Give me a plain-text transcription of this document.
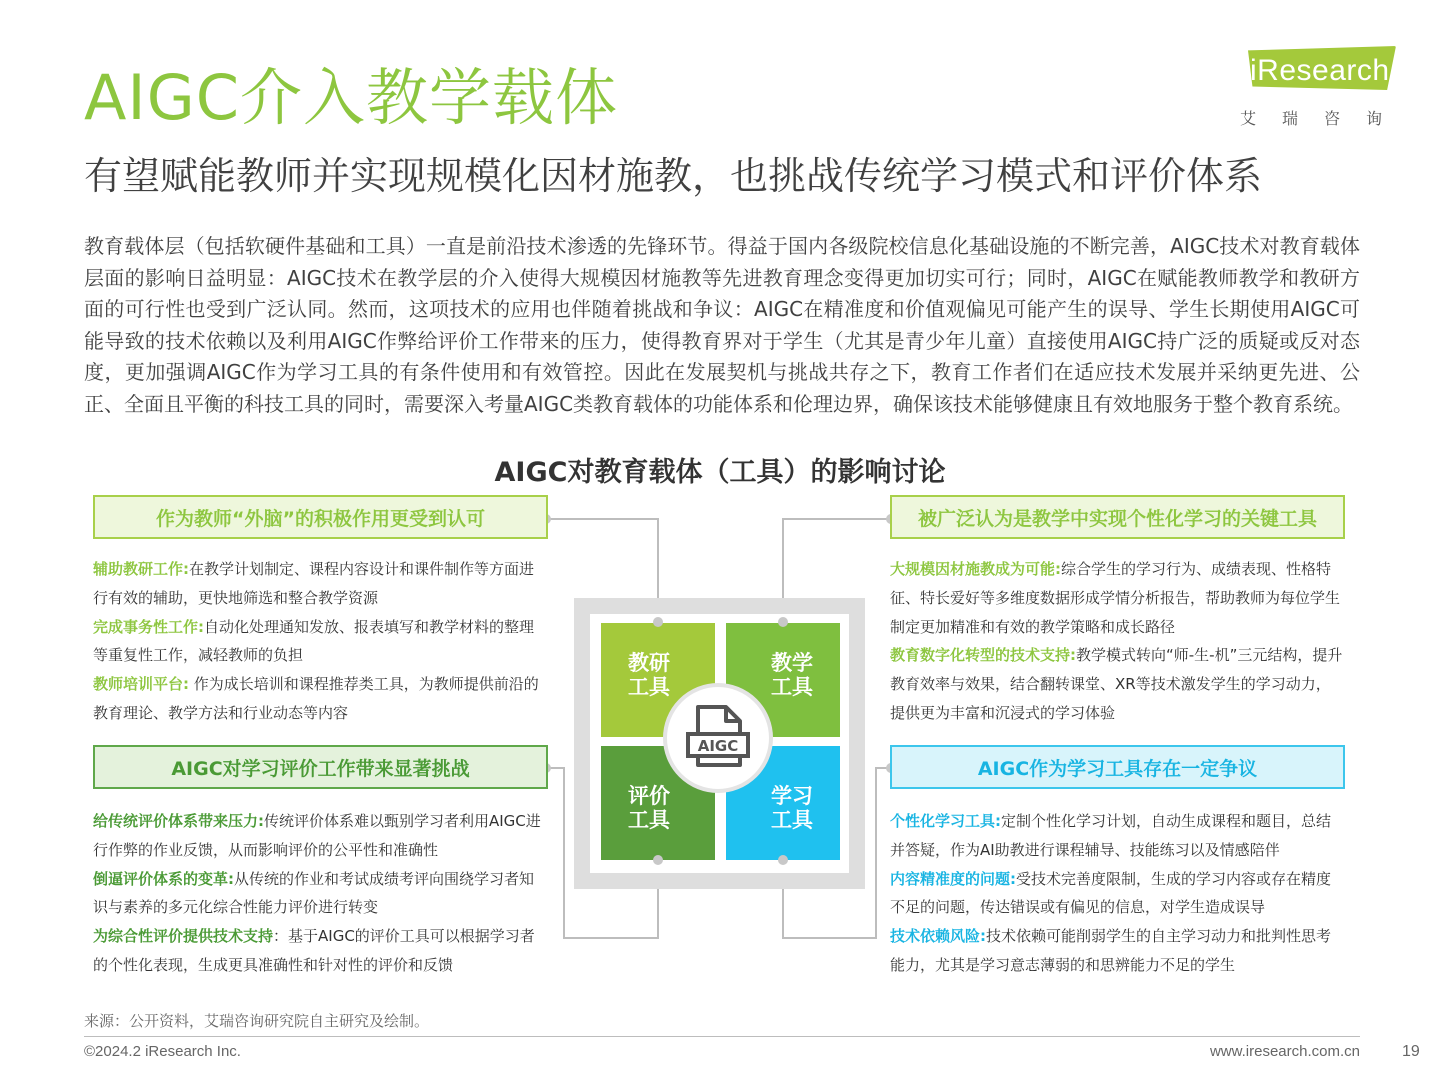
AIGC介入教学载体	iResearch
艾瑞咨询
有望赋能教师并实现规模化因材施教，也挑战传统学习模式和评价体系

教育载体层（包括软硬件基础和工具）一直是前沿技术渗透的先锋环节。得益于国内各级院校信息化基础设施的不断完善，AIGC技术对教育载体层面的影响日益明显：AIGC技术在教学层的介入使得大规模因材施教等先进教育理念变得更加切实可行；同时，AIGC在赋能教师教学和教研方面的可行性也受到广泛认同。然而，这项技术的应用也伴随着挑战和争议：AIGC在精准度和价值观偏见可能产生的误导、学生长期使用AIGC可能导致的技术依赖以及利用AIGC作弊给评价工作带来的压力，使得教育界对于学生（尤其是青少年儿童）直接使用AIGC持广泛的质疑或反对态度，更加强调AIGC作为学习工具的有条件使用和有效管控。因此在发展契机与挑战共存之下，教育工作者们在适应技术发展并采纳更先进、公正、全面且平衡的科技工具的同时，需要深入考量AIGC类教育载体的功能体系和伦理边界，确保该技术能够健康且有效地服务于整个教育系统。

AIGC对教育载体（工具）的影响讨论
作为教师“外脑”的积极作用更受到认可

辅助教研工作:在教学计划制定、课程内容设计和课件制作等方面进行有效的辅助，更快地筛选和整合教学资源

完成事务性工作:自动化处理通知发放、报表填写和教学材料的整理等重复性工作，减轻教师的负担

教师培训平台: 作为成长培训和课程推荐类工具，为教师提供前沿的教育理论、教学方法和行业动态等内容

被广泛认为是教学中实现个性化学习的关键工具

大规模因材施教成为可能:综合学生的学习行为、成绩表现、性格特征、特长爱好等多维度数据形成学情分析报告，帮助教师为每位学生制定更加精准和有效的教学策略和成长路径

教育数字化转型的技术支持:教学模式转向“师-生-机”三元结构，提升教育效率与效果，结合翻转课堂、XR等技术激发学生的学习动力，提供更为丰富和沉浸式的学习体验

AIGC对学习评价工作带来显著挑战

给传统评价体系带来压力:传统评价体系难以甄别学习者利用AIGC进行作弊的作业反馈，从而影响评价的公平性和准确性

倒逼评价体系的变革:从传统的作业和考试成绩考评向围绕学习者知识与素养的多元化综合性能力评价进行转变

为综合性评价提供技术支持：基于AIGC的评价工具可以根据学习者的个性化表现，生成更具准确性和针对性的评价和反馈

AIGC作为学习工具存在一定争议

个性化学习工具:定制个性化学习计划，自动生成课程和题目，总结并答疑，作为AI助教进行课程辅导、技能练习以及情感陪伴

内容精准度的问题:受技术完善度限制，生成的学习内容或存在精度不足的问题，传达错误或有偏见的信息，对学生造成误导

技术依赖风险:技术依赖可能削弱学生的自主学习动力和批判性思考能力，尤其是学习意志薄弱的和思辨能力不足的学生

教研工具
教学工具
评价工具
学习工具
AIGC
来源：公开资料，艾瑞咨询研究院自主研究及绘制。
©2024.2 iResearch Inc.	www.iresearch.com.cn	19
